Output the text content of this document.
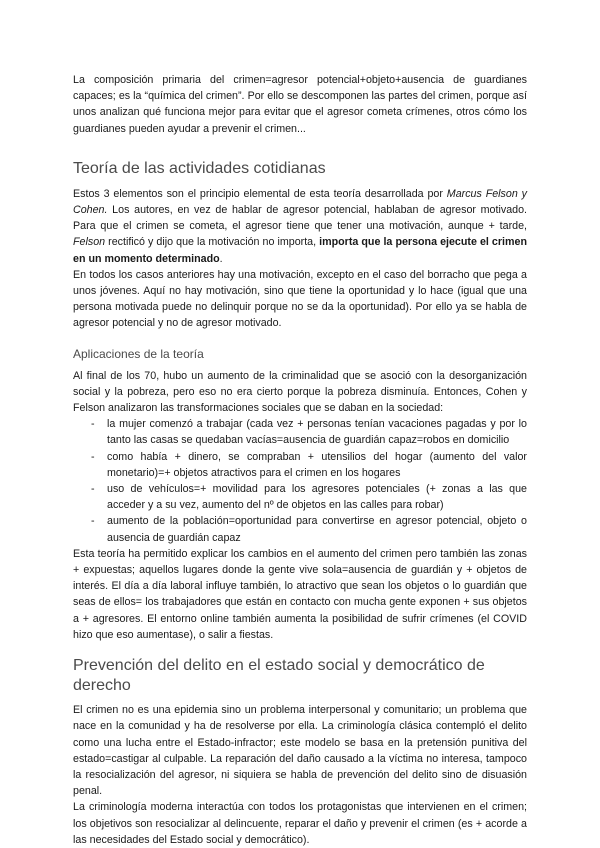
La composición primaria del crimen=agresor potencial+objeto+ausencia de guardianes capaces; es la “química del crimen”. Por ello se descomponen las partes del crimen, porque así unos analizan qué funciona mejor para evitar que el agresor cometa crímenes, otros cómo los guardianes pueden ayudar a prevenir el crimen...

Teoría de las actividades cotidianas

Estos 3 elementos son el principio elemental de esta teoría desarrollada por Marcus Felson y Cohen. Los autores, en vez de hablar de agresor potencial, hablaban de agresor motivado. Para que el crimen se cometa, el agresor tiene que tener una motivación, aunque + tarde, Felson rectificó y dijo que la motivación no importa, importa que la persona ejecute el crimen en un momento determinado.

En todos los casos anteriores hay una motivación, excepto en el caso del borracho que pega a unos jóvenes. Aquí no hay motivación, sino que tiene la oportunidad y lo hace (igual que una persona motivada puede no delinquir porque no se da la oportunidad). Por ello ya se habla de agresor potencial y no de agresor motivado.

Aplicaciones de la teoría

Al final de los 70, hubo un aumento de la criminalidad que se asoció con la desorganización social y la pobreza, pero eso no era cierto porque la pobreza disminuía. Entonces, Cohen y Felson analizaron las transformaciones sociales que se daban en la sociedad:

- la mujer comenzó a trabajar (cada vez + personas tenían vacaciones pagadas y por lo tanto las casas se quedaban vacías=ausencia de guardián capaz=robos en domicilio
- como había + dinero, se compraban + utensilios del hogar (aumento del valor monetario)=+ objetos atractivos para el crimen en los hogares
- uso de vehículos=+ movilidad para los agresores potenciales (+ zonas a las que acceder y a su vez, aumento del nº de objetos en las calles para robar)
- aumento de la población=oportunidad para convertirse en agresor potencial, objeto o ausencia de guardián capaz

Esta teoría ha permitido explicar los cambios en el aumento del crimen pero también las zonas + expuestas; aquellos lugares donde la gente vive sola=ausencia de guardián y + objetos de interés. El día a día laboral influye también, lo atractivo que sean los objetos o lo guardián que seas de ellos= los trabajadores que están en contacto con mucha gente exponen + sus objetos a + agresores. El entorno online también aumenta la posibilidad de sufrir crímenes (el COVID hizo que eso aumentase), o salir a fiestas.

Prevención del delito en el estado social y democrático de derecho

El crimen no es una epidemia sino un problema interpersonal y comunitario; un problema que nace en la comunidad y ha de resolverse por ella. La criminología clásica contempló el delito como una lucha entre el Estado-infractor; este modelo se basa en la pretensión punitiva del estado=castigar al culpable. La reparación del daño causado a la víctima no interesa, tampoco la resocialización del agresor, ni siquiera se habla de prevención del delito sino de disuasión penal.

La criminología moderna interactúa con todos los protagonistas que intervienen en el crimen; los objetivos son resocializar al delincuente, reparar el daño y prevenir el crimen (es + acorde a las necesidades del Estado social y democrático).
